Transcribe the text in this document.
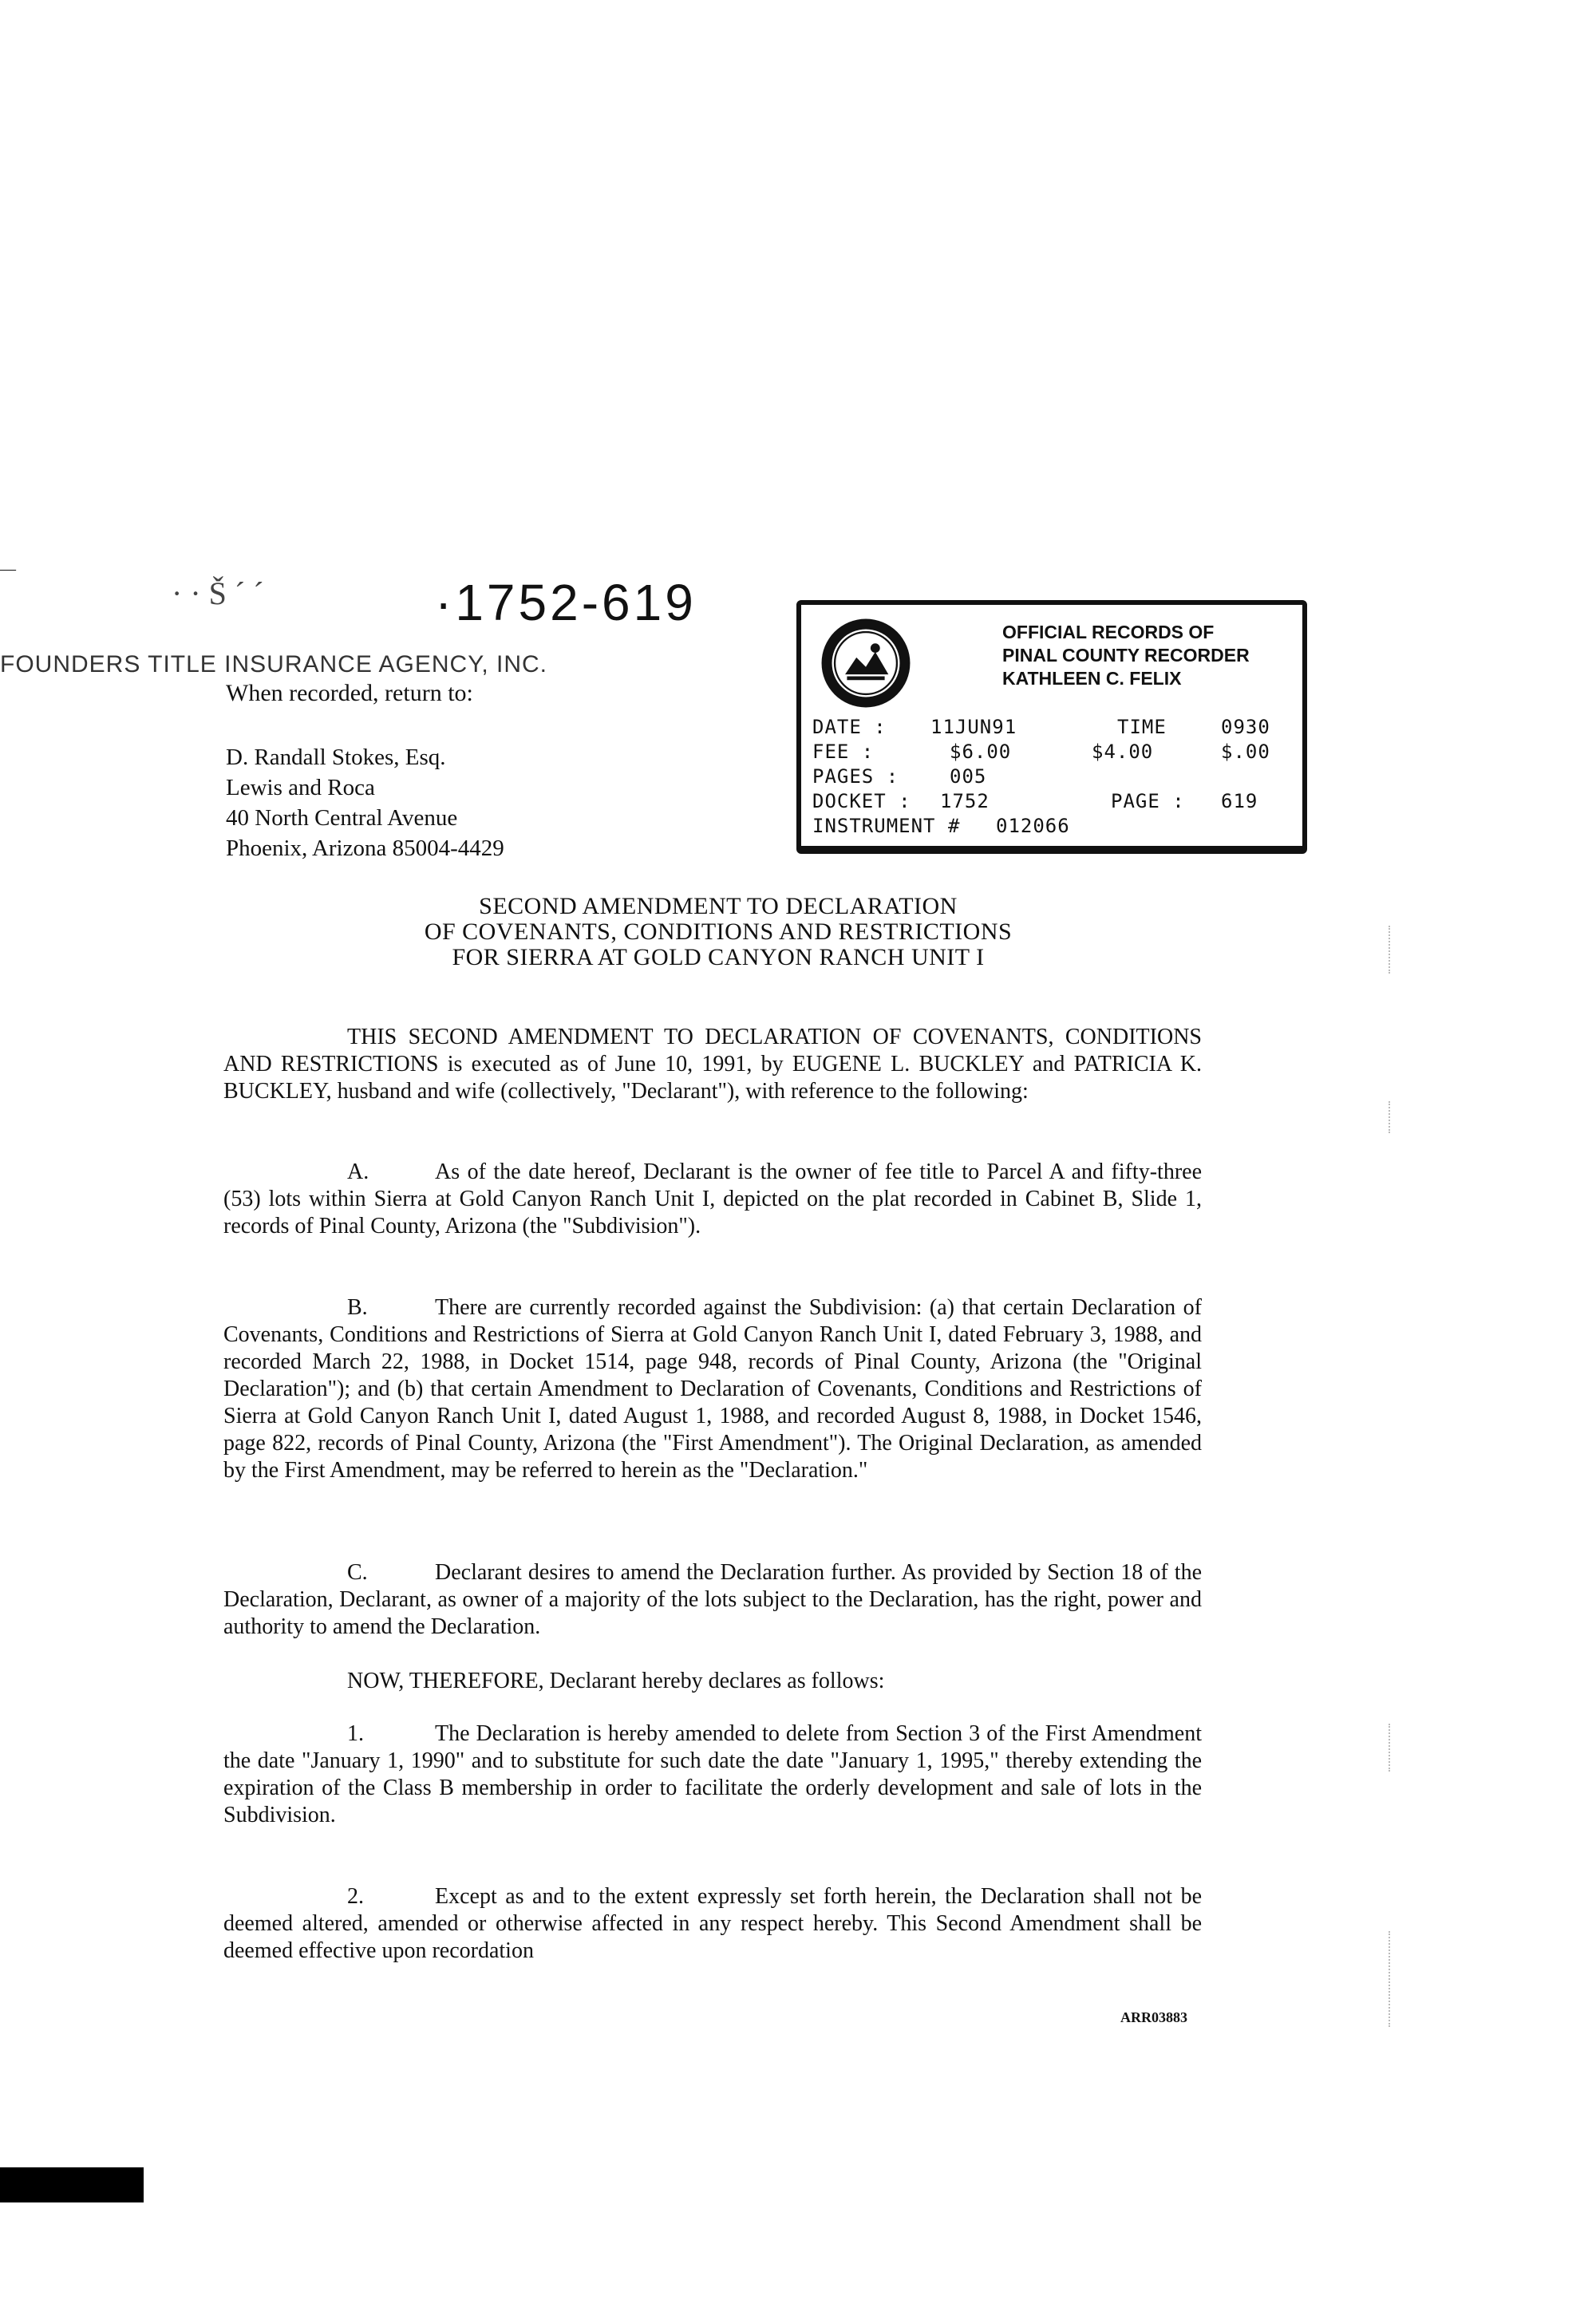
· · Š ´ ´	·1752-619
—
FOUNDERS TITLE INSURANCE AGENCY, INC.
When recorded, return to:
D. Randall Stokes, Esq.
Lewis and Roca
40 North Central Avenue
Phoenix, Arizona 85004-4429
OFFICIAL RECORDS OF
PINAL COUNTY RECORDER
KATHLEEN C. FELIX
DATE : 11JUN91	TIME	0930
FEE :	$6.00	$4.00	$.00
PAGES :	005
DOCKET : 1752	PAGE : 619
INSTRUMENT # 012066
SECOND AMENDMENT TO DECLARATION
OF COVENANTS, CONDITIONS AND RESTRICTIONS
FOR SIERRA AT GOLD CANYON RANCH UNIT I
THIS SECOND AMENDMENT TO DECLARATION OF COVENANTS, CONDITIONS AND RESTRICTIONS is executed as of June 10, 1991, by EUGENE L. BUCKLEY and PATRICIA K. BUCKLEY, husband and wife (collectively, "Declarant"), with reference to the following:
A.	As of the date hereof, Declarant is the owner of fee title to Parcel A and fifty-three (53) lots within Sierra at Gold Canyon Ranch Unit I, depicted on the plat recorded in Cabinet B, Slide 1, records of Pinal County, Arizona (the "Subdivision").
B.	There are currently recorded against the Subdivision: (a) that certain Declaration of Covenants, Conditions and Restrictions of Sierra at Gold Canyon Ranch Unit I, dated February 3, 1988, and recorded March 22, 1988, in Docket 1514, page 948, records of Pinal County, Arizona (the "Original Declaration"); and (b) that certain Amendment to Declaration of Covenants, Conditions and Restrictions of Sierra at Gold Canyon Ranch Unit I, dated August 1, 1988, and recorded August 8, 1988, in Docket 1546, page 822, records of Pinal County, Arizona (the "First Amendment"). The Original Declaration, as amended by the First Amendment, may be referred to herein as the "Declaration."
C.	Declarant desires to amend the Declaration further. As provided by Section 18 of the Declaration, Declarant, as owner of a majority of the lots subject to the Declaration, has the right, power and authority to amend the Declaration.
NOW, THEREFORE, Declarant hereby declares as follows:
1.	The Declaration is hereby amended to delete from Section 3 of the First Amendment the date "January 1, 1990" and to substitute for such date the date "January 1, 1995," thereby extending the expiration of the Class B membership in order to facilitate the orderly development and sale of lots in the Subdivision.
2.	Except as and to the extent expressly set forth herein, the Declaration shall not be deemed altered, amended or otherwise affected in any respect hereby. This Second Amendment shall be deemed effective upon recordation
ARR03883
